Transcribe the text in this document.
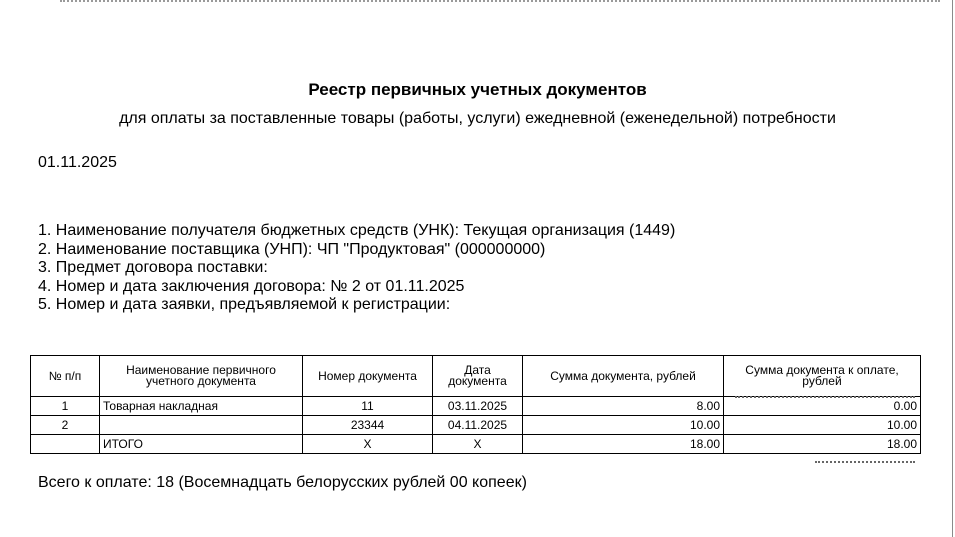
Реестр первичных учетных документов
для оплаты за поставленные товары (работы, услуги) ежедневной (еженедельной) потребности
01.11.2025
1. Наименование получателя бюджетных средств (УНК): Текущая организация (1449)
2. Наименование поставщика (УНП): ЧП "Продуктовая" (000000000)
3. Предмет договора поставки:
4. Номер и дата заключения договора: № 2 от 01.11.2025
5. Номер и дата заявки, предъявляемой к регистрации:
№ п/п	Наименование первичного учетного документа	Номер документа	Дата документа	Сумма документа, рублей	Сумма документа к оплате, рублей
1	Товарная накладная	11	03.11.2025	8.00	0.00
2		23344	04.11.2025	10.00	10.00
	ИТОГО	Х	Х	18.00	18.00
Всего к оплате: 18 (Восемнадцать белорусских рублей 00 копеек)
